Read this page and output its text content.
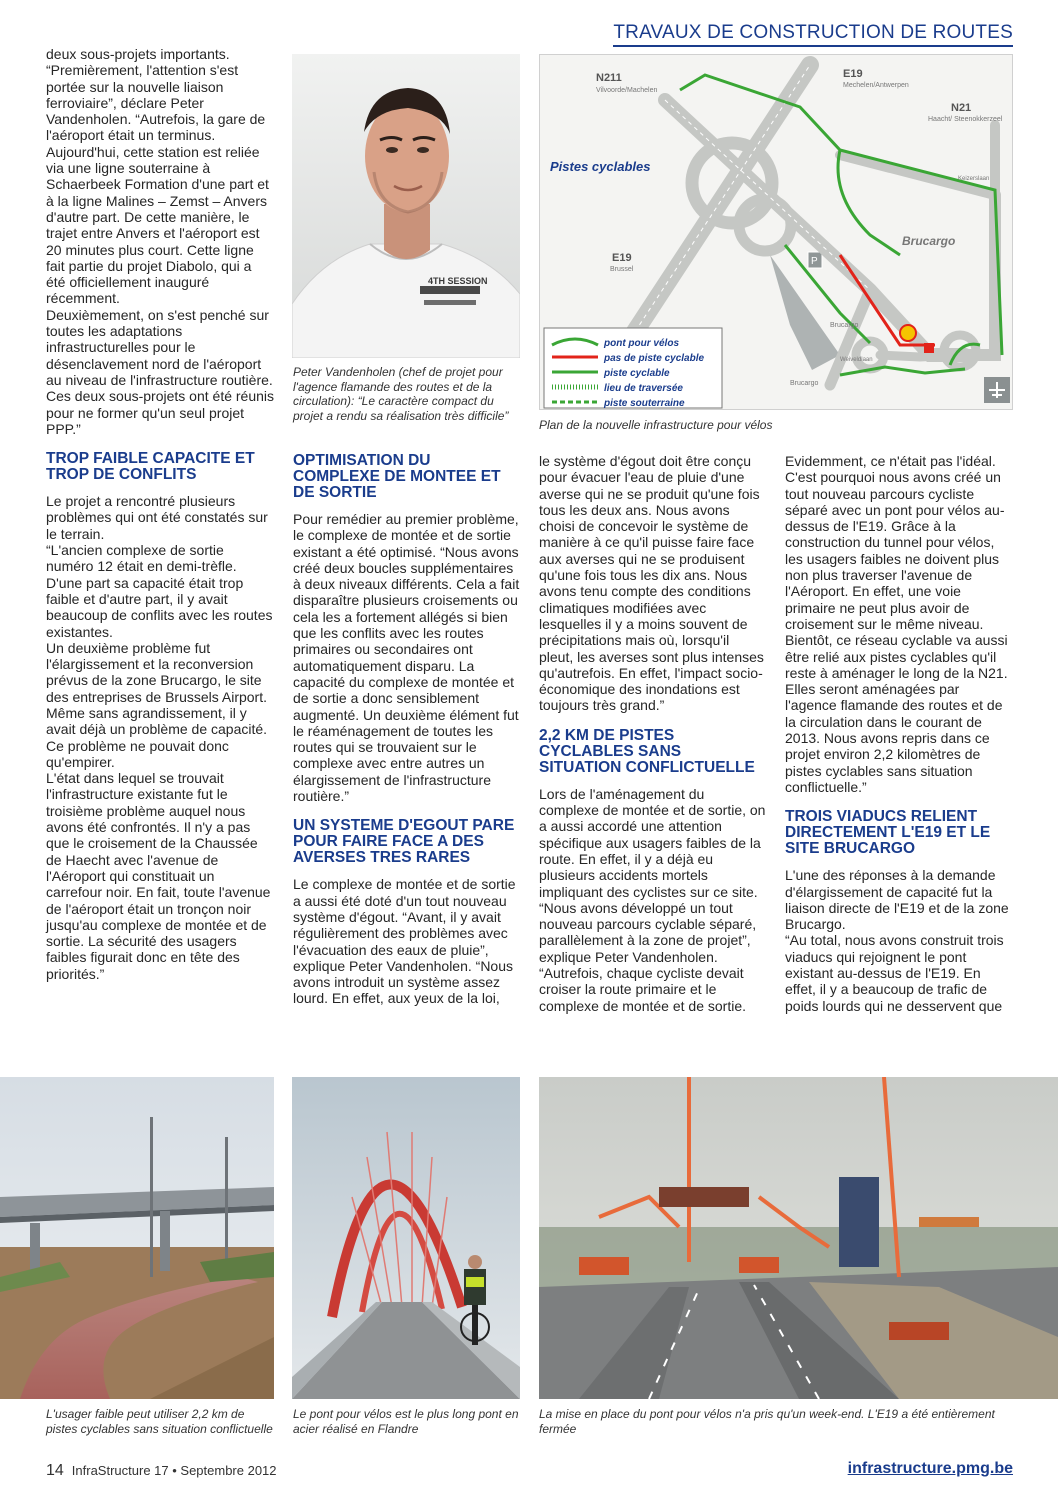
TRAVAUX DE CONSTRUCTION DE ROUTES

deux sous-projets importants. “Premièrement, l'attention s'est portée sur la nouvelle liaison ferroviaire”, déclare Peter Vandenholen. “Autrefois, la gare de l'aéroport était un terminus. Aujourd'hui, cette station est reliée via une ligne souterraine à Schaerbeek Formation d'une part et à la ligne Malines – Zemst – Anvers d'autre part. De cette manière, le trajet entre Anvers et l'aéroport est 20 minutes plus court. Cette ligne fait partie du projet Diabolo, qui a été officiellement inauguré récemment.

Deuxièmement, on s'est penché sur toutes les adaptations infrastructurelles pour le désenclavement nord de l'aéroport au niveau de l'infrastructure routière. Ces deux sous-projets ont été réunis pour ne former qu'un seul projet PPP.”

TROP FAIBLE CAPACITE ET TROP DE CONFLITS

Le projet a rencontré plusieurs problèmes qui ont été constatés sur le terrain.

“L'ancien complexe de sortie numéro 12 était en demi-trèfle. D'une part sa capacité était trop faible et d'autre part, il y avait beaucoup de conflits avec les routes existantes.

Un deuxième problème fut l'élargissement et la reconversion prévus de la zone Brucargo, le site des entreprises de Brussels Airport. Même sans agrandissement, il y avait déjà un problème de capacité. Ce problème ne pouvait donc qu'empirer.

L'état dans lequel se trouvait l'infrastructure existante fut le troisième problème auquel nous avons été confrontés. Il n'y a pas que le croisement de la Chaussée de Haecht avec l'avenue de l'Aéroport qui constituait un carrefour noir. En fait, toute l'avenue de l'aéroport était un tronçon noir jusqu'au complexe de montée et de sortie. La sécurité des usagers faibles figurait donc en tête des priorités.”

OPTIMISATION DU COMPLEXE DE MONTEE ET DE SORTIE

Pour remédier au premier problème, le complexe de montée et de sortie existant a été optimisé. “Nous avons créé deux boucles supplémentaires à deux niveaux différents. Cela a fait disparaître plusieurs croisements ou cela les a fortement allégés si bien que les conflits avec les routes primaires ou secondaires ont automatiquement disparu. La capacité du complexe de montée et de sortie a donc sensiblement augmenté. Un deuxième élément fut le réaménagement de toutes les routes qui se trouvaient sur le complexe avec entre autres un élargissement de l'infrastructure routière.”

UN SYSTEME D'EGOUT PARE POUR FAIRE FACE A DES AVERSES TRES RARES

Le complexe de montée et de sortie a aussi été doté d'un tout nouveau système d'égout. “Avant, il y avait régulièrement des problèmes avec l'évacuation des eaux de pluie”, explique Peter Vandenholen. “Nous avons introduit un système assez lourd. En effet, aux yeux de la loi,

le système d'égout doit être conçu pour évacuer l'eau de pluie d'une averse qui ne se produit qu'une fois tous les deux ans. Nous avons choisi de concevoir le système de manière à ce qu'il puisse faire face aux averses qui ne se produisent qu'une fois tous les dix ans. Nous avons tenu compte des conditions climatiques modifiées avec lesquelles il y a moins souvent de précipitations mais où, lorsqu'il pleut, les averses sont plus intenses qu'autrefois. En effet, l'impact socio-économique des inondations est toujours très grand.”

2,2 KM DE PISTES CYCLABLES SANS SITUATION CONFLICTUELLE

Lors de l'aménagement du complexe de montée et de sortie, on a aussi accordé une attention spécifique aux usagers faibles de la route. En effet, il y a déjà eu plusieurs accidents mortels impliquant des cyclistes sur ce site. “Nous avons développé un tout nouveau parcours cyclable séparé, parallèlement à la zone de projet”, explique Peter Vandenholen. “Autrefois, chaque cycliste devait croiser la route primaire et le complexe de montée et de sortie.

Evidemment, ce n'était pas l'idéal. C'est pourquoi nous avons créé un tout nouveau parcours cycliste séparé avec un pont pour vélos au-dessus de l'E19. Grâce à la construction du tunnel pour vélos, les usagers faibles ne doivent plus non plus traverser l'avenue de l'Aéroport. En effet, une voie primaire ne peut plus avoir de croisement sur le même niveau. Bientôt, ce réseau cyclable va aussi être relié aux pistes cyclables qu'il reste à aménager le long de la N21. Elles seront aménagées par l'agence flamande des routes et de la circulation dans le courant de 2013. Nous avons repris dans ce projet environ 2,2 kilomètres de pistes cyclables sans situation conflictuelle.”

TROIS VIADUCS RELIENT DIRECTEMENT L'E19 ET LE SITE BRUCARGO

L'une des réponses à la demande d'élargissement de capacité fut la liaison directe de l'E19 et de la zone Brucargo.

“Au total, nous avons construit trois viaducs qui rejoignent le pont existant au-dessus de l'E19. En effet, il y a beaucoup de trafic de poids lourds qui ne desservent que

4TH SESSION
Peter Vandenholen (chef de projet pour l'agence flamande des routes et de la circulation): “Le caractère compact du projet a rendu sa réalisation très difficile”
P
N211
Vilvoorde/Machelen
E19
Mechelen/Antwerpen
N21
Haacht/ Steenokkerzeel
E19
Brussel
Pistes cyclables
Brucargo
Brucargo
Brucargo
Weiveldlaan
Keizerslaan
pont pour vélos
pas de piste cyclable
piste cyclable
lieu de traversée
piste souterraine
Plan de la nouvelle infrastructure pour vélos
L'usager faible peut utiliser 2,2 km de pistes cyclables sans situation conflictuelle
Le pont pour vélos est le plus long pont en acier réalisé en Flandre
La mise en place du pont pour vélos n'a pris qu'un week-end. L'E19 a été entièrement fermée
14 InfraStructure 17 • Septembre 2012	infrastructure.pmg.be
